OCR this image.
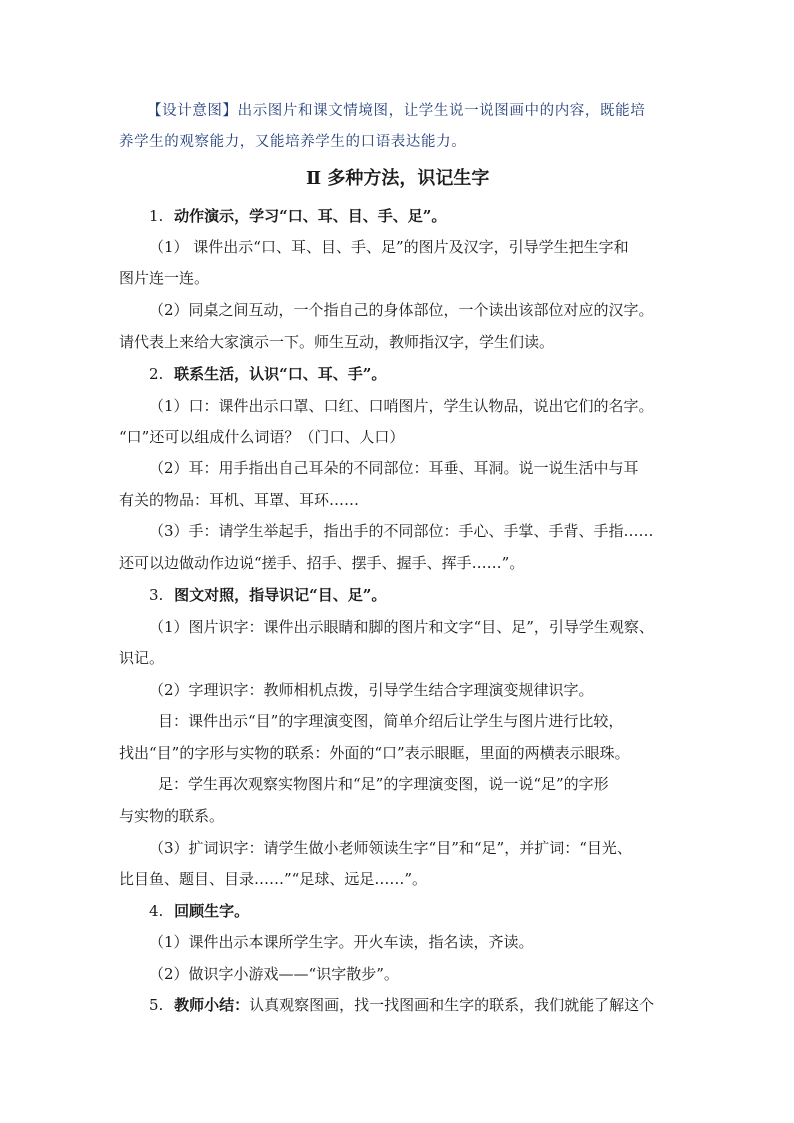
【设计意图】出示图片和课文情境图，让学生说一说图画中的内容，既能培
养学生的观察能力，又能培养学生的口语表达能力。
Ⅱ 多种方法，识记生字
1. 动作演示，学习“口、耳、目、手、足”。
（1） 课件出示“口、耳、目、手、足”的图片及汉字，引导学生把生字和
图片连一连。
（2）同桌之间互动，一个指自己的身体部位，一个读出该部位对应的汉字。
请代表上来给大家演示一下。师生互动，教师指汉字，学生们读。
2. 联系生活，认识“口、耳、手”。
（1）口：课件出示口罩、口红、口哨图片，学生认物品，说出它们的名字。
“口”还可以组成什么词语？（门口、人口）
（2）耳：用手指出自己耳朵的不同部位：耳垂、耳洞。说一说生活中与耳
有关的物品：耳机、耳罩、耳环……
（3）手：请学生举起手，指出手的不同部位：手心、手掌、手背、手指……
还可以边做动作边说“搓手、招手、摆手、握手、挥手……”。
3. 图文对照，指导识记“目、足”。
（1）图片识字：课件出示眼睛和脚的图片和文字“目、足”，引导学生观察、
识记。
（2）字理识字：教师相机点拨，引导学生结合字理演变规律识字。
目：课件出示“目”的字理演变图，简单介绍后让学生与图片进行比较，
找出“目”的字形与实物的联系：外面的“口”表示眼眶，里面的两横表示眼珠。
足：学生再次观察实物图片和“足”的字理演变图，说一说“足”的字形
与实物的联系。
（3）扩词识字：请学生做小老师领读生字“目”和“足”，并扩词：“目光、
比目鱼、题目、目录……”“足球、远足……”。
4. 回顾生字。
（1）课件出示本课所学生字。开火车读，指名读，齐读。
（2）做识字小游戏——“识字散步”。
5. 教师小结：认真观察图画，找一找图画和生字的联系，我们就能了解这个
